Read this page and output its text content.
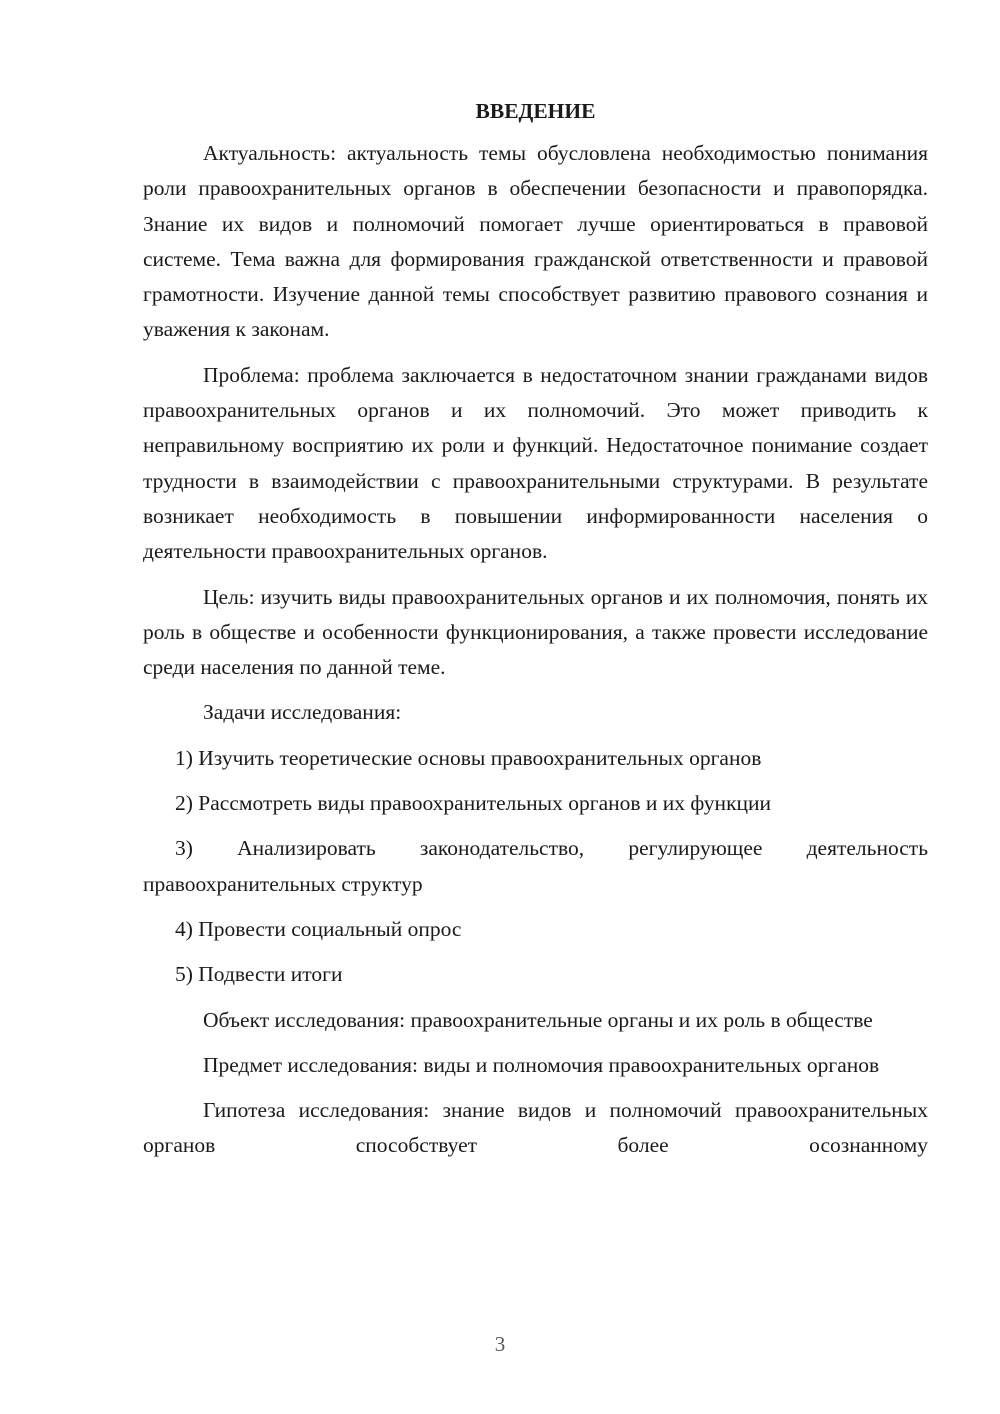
ВВЕДЕНИЕ

Актуальность: актуальность темы обусловлена необходимостью понимания роли правоохранительных органов в обеспечении безопасности и правопорядка. Знание их видов и полномочий помогает лучше ориентироваться в правовой системе. Тема важна для формирования гражданской ответственности и правовой грамотности. Изучение данной темы способствует развитию правового сознания и уважения к законам.

Проблема: проблема заключается в недостаточном знании гражданами видов правоохранительных органов и их полномочий. Это может приводить к неправильному восприятию их роли и функций. Недостаточное понимание создает трудности в взаимодействии с правоохранительными структурами. В результате возникает необходимость в повышении информированности населения о деятельности правоохранительных органов.

Цель: изучить виды правоохранительных органов и их полномочия, понять их роль в обществе и особенности функционирования, а также провести исследование среди населения по данной теме.

Задачи исследования:

1) Изучить теоретические основы правоохранительных органов

2) Рассмотреть виды правоохранительных органов и их функции

3) Анализировать законодательство, регулирующее деятельность правоохранительных структур

4) Провести социальный опрос

5) Подвести итоги

Объект исследования: правоохранительные органы и их роль в обществе

Предмет исследования: виды и полномочия правоохранительных органов

Гипотеза исследования: знание видов и полномочий правоохранительных органов способствует более осознанному

3
